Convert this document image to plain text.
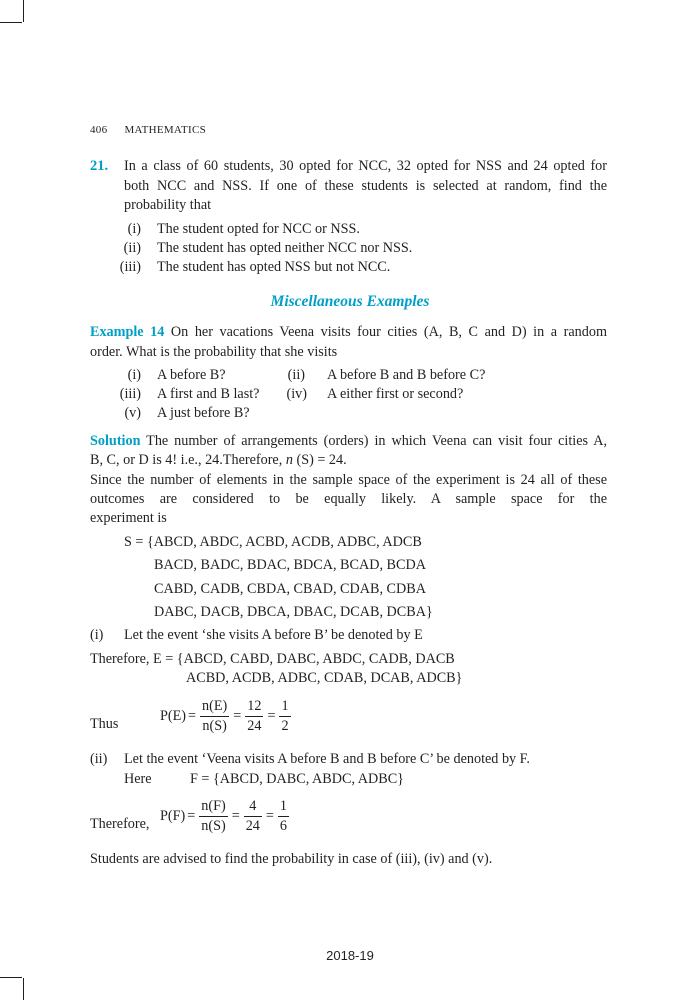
406 MATHEMATICS
21. In a class of 60 students, 30 opted for NCC, 32 opted for NSS and 24 opted for
both NCC and NSS. If one of these students is selected at random, find the
probability that
(i) The student opted for NCC or NSS.
(ii) The student has opted neither NCC nor NSS.
(iii) The student has opted NSS but not NCC.
Miscellaneous Examples
Example 14 On her vacations Veena visits four cities (A, B, C and D) in a random
order. What is the probability that she visits
(i) A before B?	(ii) A before B and B before C?
(iii) A first and B last?	(iv) A either first or second?
(v) A just before B?
Solution The number of arrangements (orders) in which Veena can visit four cities A,
B, C, or D is 4! i.e., 24.Therefore, n (S) = 24.
Since the number of elements in the sample space of the experiment is 24 all of these
outcomes are considered to be equally likely. A sample space for the
experiment is
S = {ABCD, ABDC, ACBD, ACDB, ADBC, ADCB
BACD, BADC, BDAC, BDCA, BCAD, BCDA
CABD, CADB, CBDA, CBAD, CDAB, CDBA
DABC, DACB, DBCA, DBAC, DCAB, DCBA}
(i) Let the event ‘she visits A before B’ be denoted by E
Therefore, E = {ABCD, CABD, DABC, ABDC, CADB, DACB
ACBD, ACDB, ADBC, CDAB, DCAB, ADCB}
Thus	$P(E) = \frac{n(E)}{n(S)} = \frac{12}{24} = \frac{1}{2}$
(ii) Let the event ‘Veena visits A before B and B before C’ be denoted by F.
Here	F = {ABCD, DABC, ABDC, ADBC}
Therefore, $P(F) = \frac{n(F)}{n(S)} = \frac{4}{24} = \frac{1}{6}$
Students are advised to find the probability in case of (iii), (iv) and (v).
2018-19
